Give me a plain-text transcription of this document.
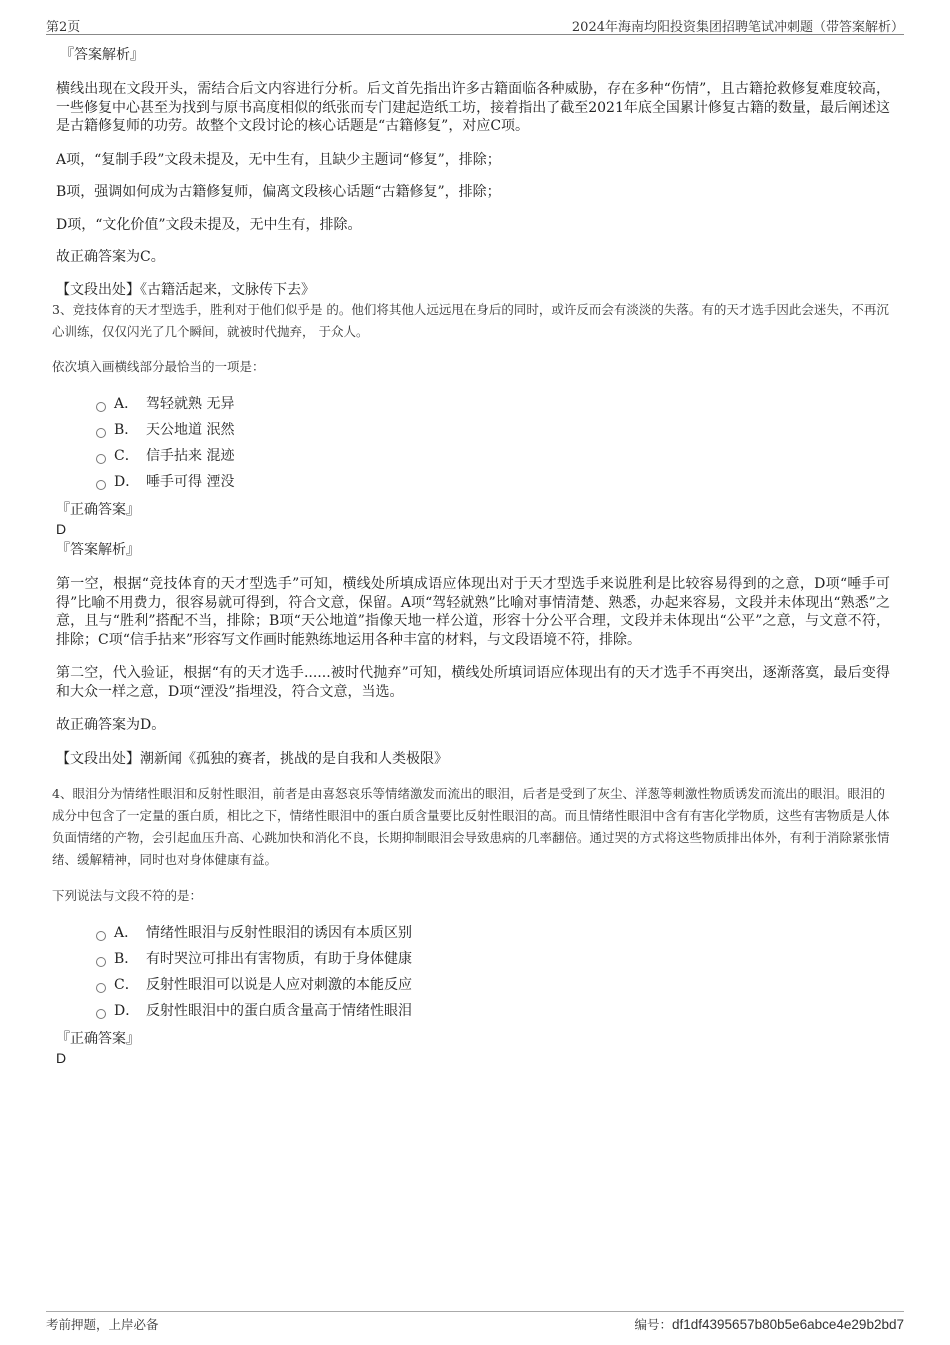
第2页	2024年海南均阳投资集团招聘笔试冲刺题（带答案解析）

『答案解析』

横线出现在文段开头，需结合后文内容进行分析。后文首先指出许多古籍面临各种威胁，存在多种“伤情”，且古籍抢救修复难度较高，一些修复中心甚至为找到与原书高度相似的纸张而专门建起造纸工坊，接着指出了截至2021年底全国累计修复古籍的数量，最后阐述这是古籍修复师的功劳。故整个文段讨论的核心话题是“古籍修复”，对应C项。

A项，“复制手段”文段未提及，无中生有，且缺少主题词“修复”，排除；

B项，强调如何成为古籍修复师，偏离文段核心话题“古籍修复”，排除；

D项，“文化价值”文段未提及，无中生有，排除。

故正确答案为C。

【文段出处】《古籍活起来，文脉传下去》

3、竞技体育的天才型选手，胜利对于他们似乎是 的。他们将其他人远远甩在身后的同时，或许反而会有淡淡的失落。有的天才选手因此会迷失，不再沉心训练，仅仅闪光了几个瞬间，就被时代抛弃， 于众人。

依次填入画横线部分最恰当的一项是：

A． 驾轻就熟 无异
B． 天公地道 泯然
C． 信手拈来 混迹
D． 唾手可得 湮没

『正确答案』

D

『答案解析』

第一空，根据“竞技体育的天才型选手”可知，横线处所填成语应体现出对于天才型选手来说胜利是比较容易得到的之意，D项“唾手可得”比喻不用费力，很容易就可得到，符合文意，保留。A项“驾轻就熟”比喻对事情清楚、熟悉，办起来容易，文段并未体现出“熟悉”之意，且与“胜利”搭配不当，排除；B项“天公地道”指像天地一样公道，形容十分公平合理，文段并未体现出“公平”之意，与文意不符，排除；C项“信手拈来”形容写文作画时能熟练地运用各种丰富的材料，与文段语境不符，排除。

第二空，代入验证，根据“有的天才选手......被时代抛弃”可知，横线处所填词语应体现出有的天才选手不再突出，逐渐落寞，最后变得和大众一样之意，D项“湮没”指埋没，符合文意，当选。

故正确答案为D。

【文段出处】潮新闻《孤独的赛者，挑战的是自我和人类极限》

4、眼泪分为情绪性眼泪和反射性眼泪，前者是由喜怒哀乐等情绪激发而流出的眼泪，后者是受到了灰尘、洋葱等刺激性物质诱发而流出的眼泪。眼泪的成分中包含了一定量的蛋白质，相比之下，情绪性眼泪中的蛋白质含量要比反射性眼泪的高。而且情绪性眼泪中含有有害化学物质，这些有害物质是人体负面情绪的产物，会引起血压升高、心跳加快和消化不良，长期抑制眼泪会导致患病的几率翻倍。通过哭的方式将这些物质排出体外，有利于消除紧张情绪、缓解精神，同时也对身体健康有益。

下列说法与文段不符的是：

A． 情绪性眼泪与反射性眼泪的诱因有本质区别
B． 有时哭泣可排出有害物质，有助于身体健康
C． 反射性眼泪可以说是人应对刺激的本能反应
D． 反射性眼泪中的蛋白质含量高于情绪性眼泪

『正确答案』

D

考前押题，上岸必备	编号：df1df4395657b80b5e6abce4e29b2bd7
